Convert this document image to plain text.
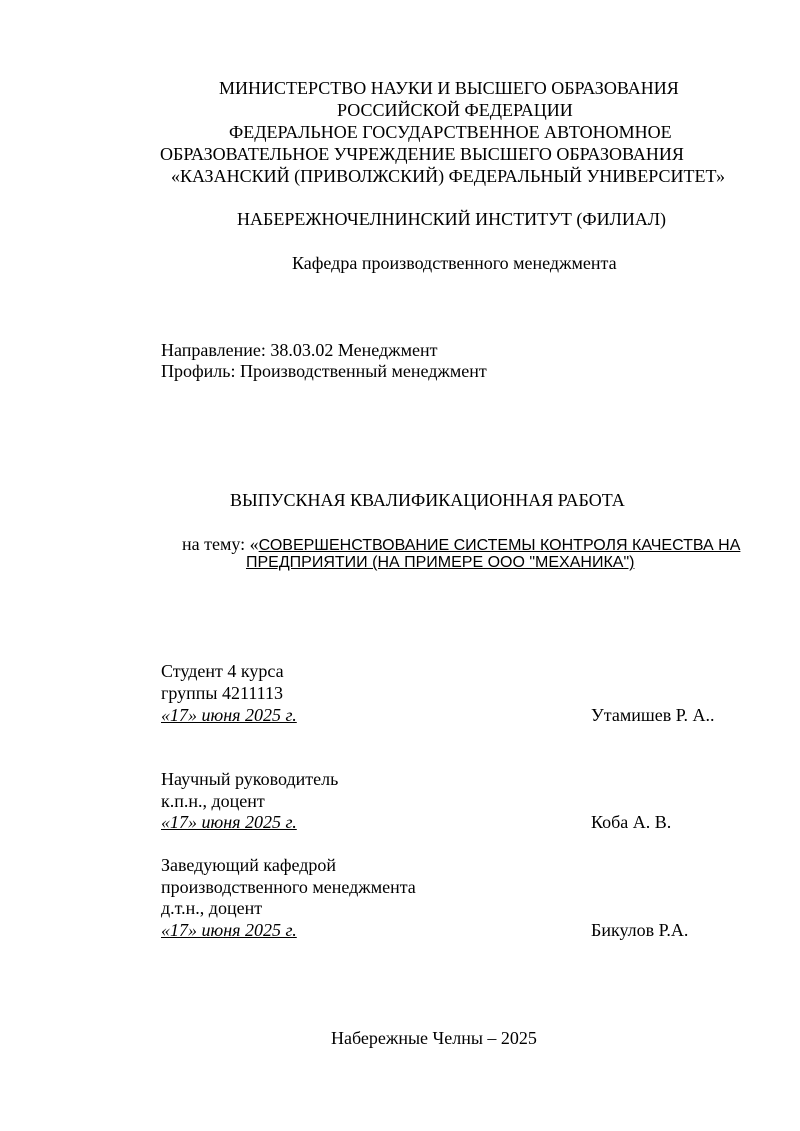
МИНИСТЕРСТВО НАУКИ И ВЫСШЕГО ОБРАЗОВАНИЯ
РОССИЙСКОЙ ФЕДЕРАЦИИ
ФЕДЕРАЛЬНОЕ ГОСУДАРСТВЕННОЕ АВТОНОМНОЕ
ОБРАЗОВАТЕЛЬНОЕ УЧРЕЖДЕНИЕ ВЫСШЕГО ОБРАЗОВАНИЯ
«КАЗАНСКИЙ (ПРИВОЛЖСКИЙ) ФЕДЕРАЛЬНЫЙ УНИВЕРСИТЕТ»
НАБЕРЕЖНОЧЕЛНИНСКИЙ ИНСТИТУТ (ФИЛИАЛ)
Кафедра производственного менеджмента
Направление: 38.03.02 Менеджмент
Профиль: Производственный менеджмент
ВЫПУСКНАЯ КВАЛИФИКАЦИОННАЯ РАБОТА
на тему: «СОВЕРШЕНСТВОВАНИЕ СИСТЕМЫ КОНТРОЛЯ КАЧЕСТВА НА
ПРЕДПРИЯТИИ (НА ПРИМЕРЕ ООО "МЕХАНИКА")
Студент 4 курса
группы 4211113
«17» июня 2025 г.	Утамишев Р. А..
Научный руководитель
к.п.н., доцент
«17» июня 2025 г.	Коба А. В.
Заведующий кафедрой
производственного менеджмента
д.т.н., доцент
«17» июня 2025 г.	Бикулов Р.А.
Набережные Челны – 2025
